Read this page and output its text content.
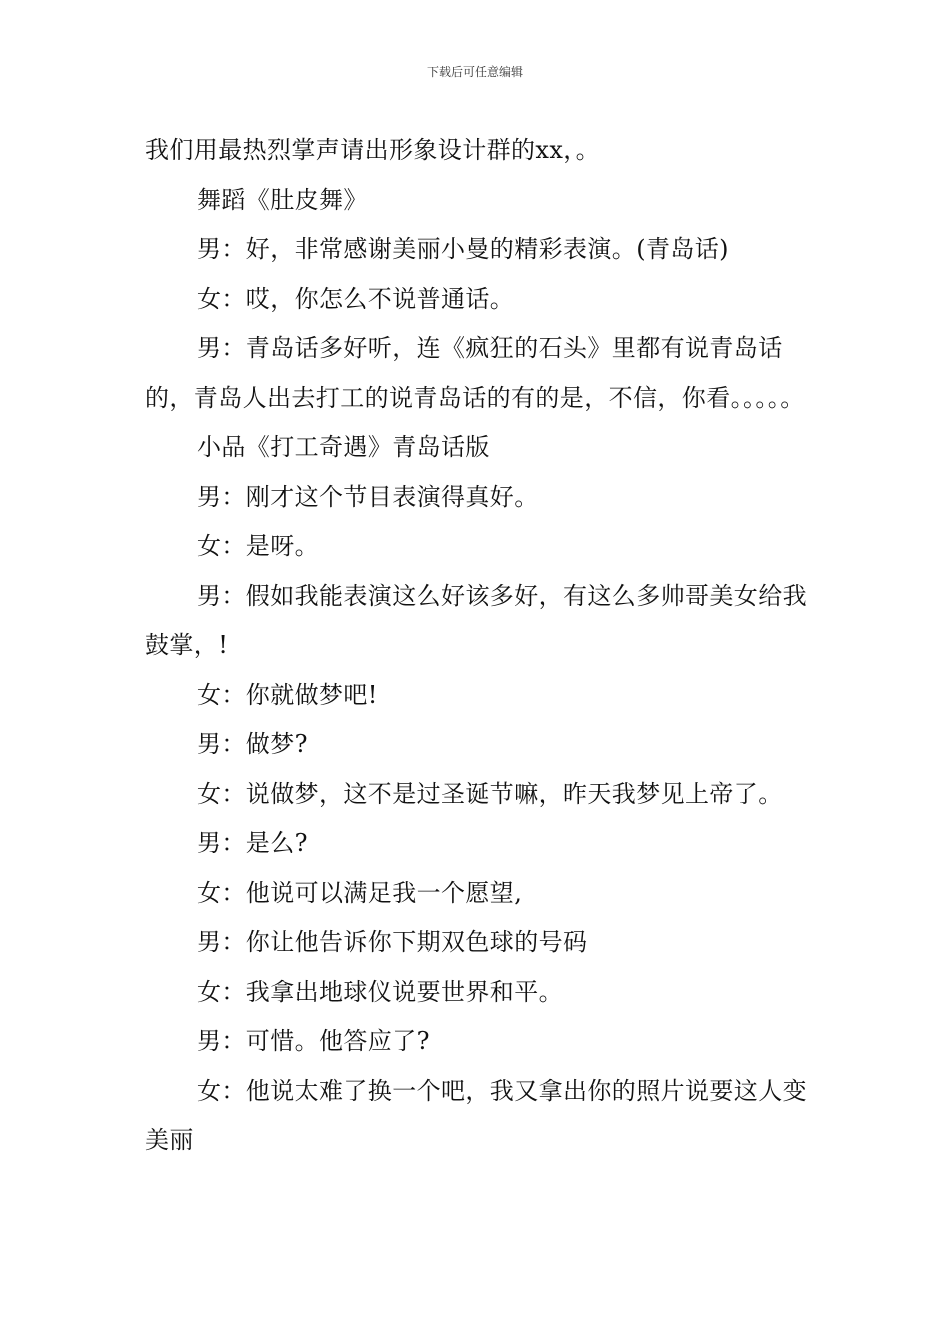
下载后可任意编辑

我们用最热烈掌声请出形象设计群的xx，。

舞蹈《肚皮舞》

男：好，非常感谢美丽小曼的精彩表演。(青岛话)

女：哎，你怎么不说普通话。

男：青岛话多好听，连《疯狂的石头》里都有说青岛话的，青岛人出去打工的说青岛话的有的是，不信，你看。。。。。

小品《打工奇遇》青岛话版

男：刚才这个节目表演得真好。

女：是呀。

男：假如我能表演这么好该多好，有这么多帅哥美女给我鼓掌，!

女：你就做梦吧!

男：做梦?

女：说做梦，这不是过圣诞节嘛，昨天我梦见上帝了。

男：是么?

女：他说可以满足我一个愿望,

男：你让他告诉你下期双色球的号码

女：我拿出地球仪说要世界和平。

男：可惜。他答应了?

女：他说太难了换一个吧，我又拿出你的照片说要这人变美丽
